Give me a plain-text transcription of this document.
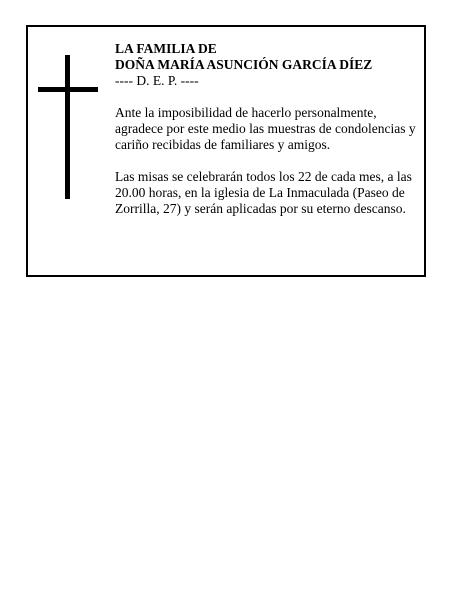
LA FAMILIA DE

DOÑA MARÍA ASUNCIÓN GARCÍA DÍEZ

---- D. E. P. ----

Ante la imposibilidad de hacerlo personalmente,
agradece por este medio las muestras de condolencias y
cariño recibidas de familiares y amigos.
Las misas se celebrarán todos los 22 de cada mes, a las
20.00 horas, en la iglesia de La Inmaculada (Paseo de
Zorrilla, 27) y serán aplicadas por su eterno descanso.
